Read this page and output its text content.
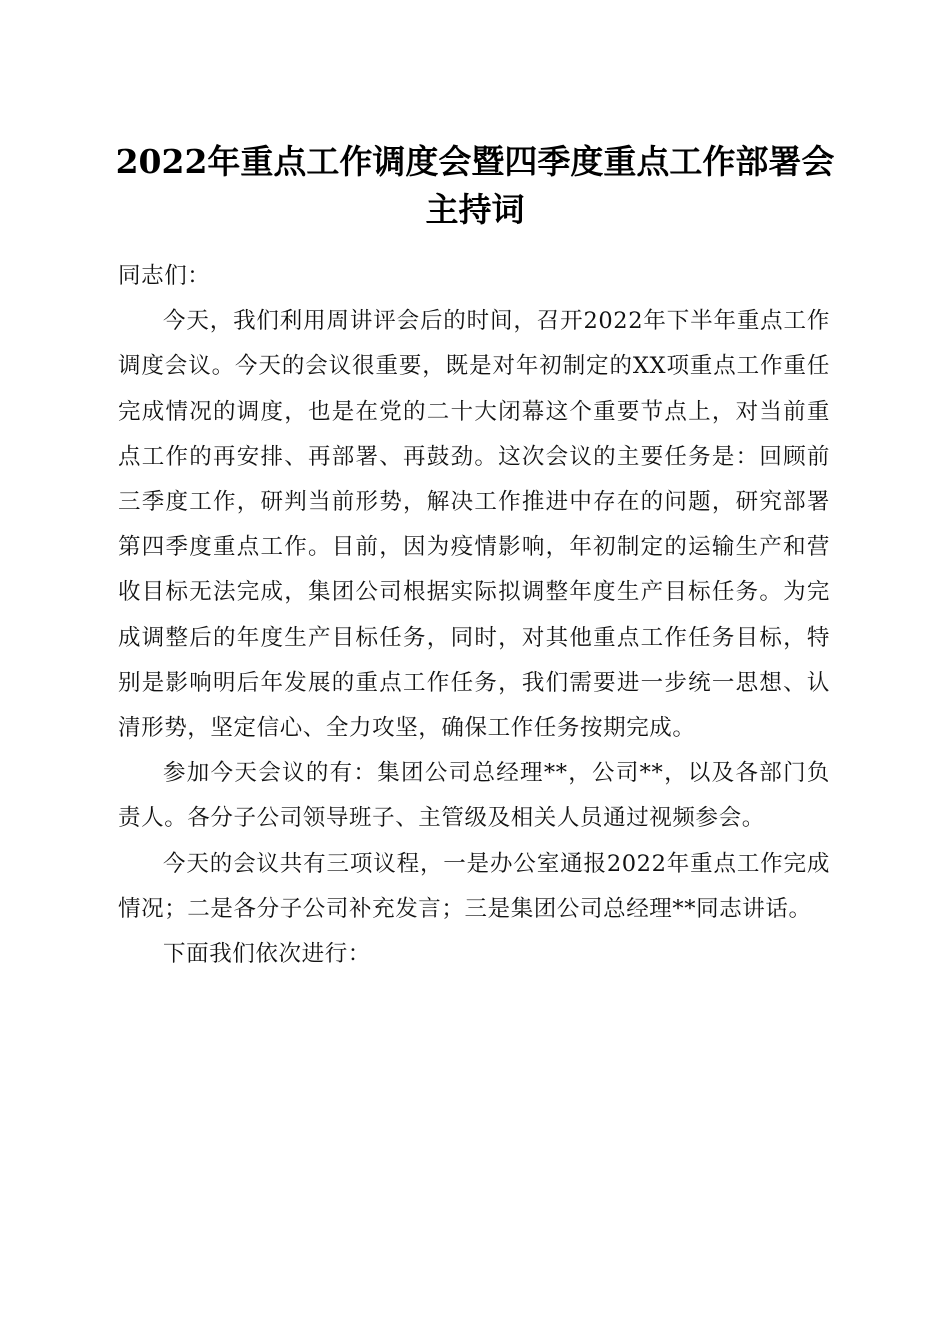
2022年重点工作调度会暨四季度重点工作部署会主持词

同志们：

今天，我们利用周讲评会后的时间，召开2022年下半年重点工作调度会议。今天的会议很重要，既是对年初制定的XX项重点工作重任完成情况的调度，也是在党的二十大闭幕这个重要节点上，对当前重点工作的再安排、再部署、再鼓劲。这次会议的主要任务是：回顾前三季度工作，研判当前形势，解决工作推进中存在的问题，研究部署第四季度重点工作。目前，因为疫情影响，年初制定的运输生产和营收目标无法完成，集团公司根据实际拟调整年度生产目标任务。为完成调整后的年度生产目标任务，同时，对其他重点工作任务目标，特别是影响明后年发展的重点工作任务，我们需要进一步统一思想、认清形势，坚定信心、全力攻坚，确保工作任务按期完成。

参加今天会议的有：集团公司总经理**，公司**，以及各部门负责人。各分子公司领导班子、主管级及相关人员通过视频参会。

今天的会议共有三项议程，一是办公室通报2022年重点工作完成情况；二是各分子公司补充发言；三是集团公司总经理**同志讲话。

下面我们依次进行：
